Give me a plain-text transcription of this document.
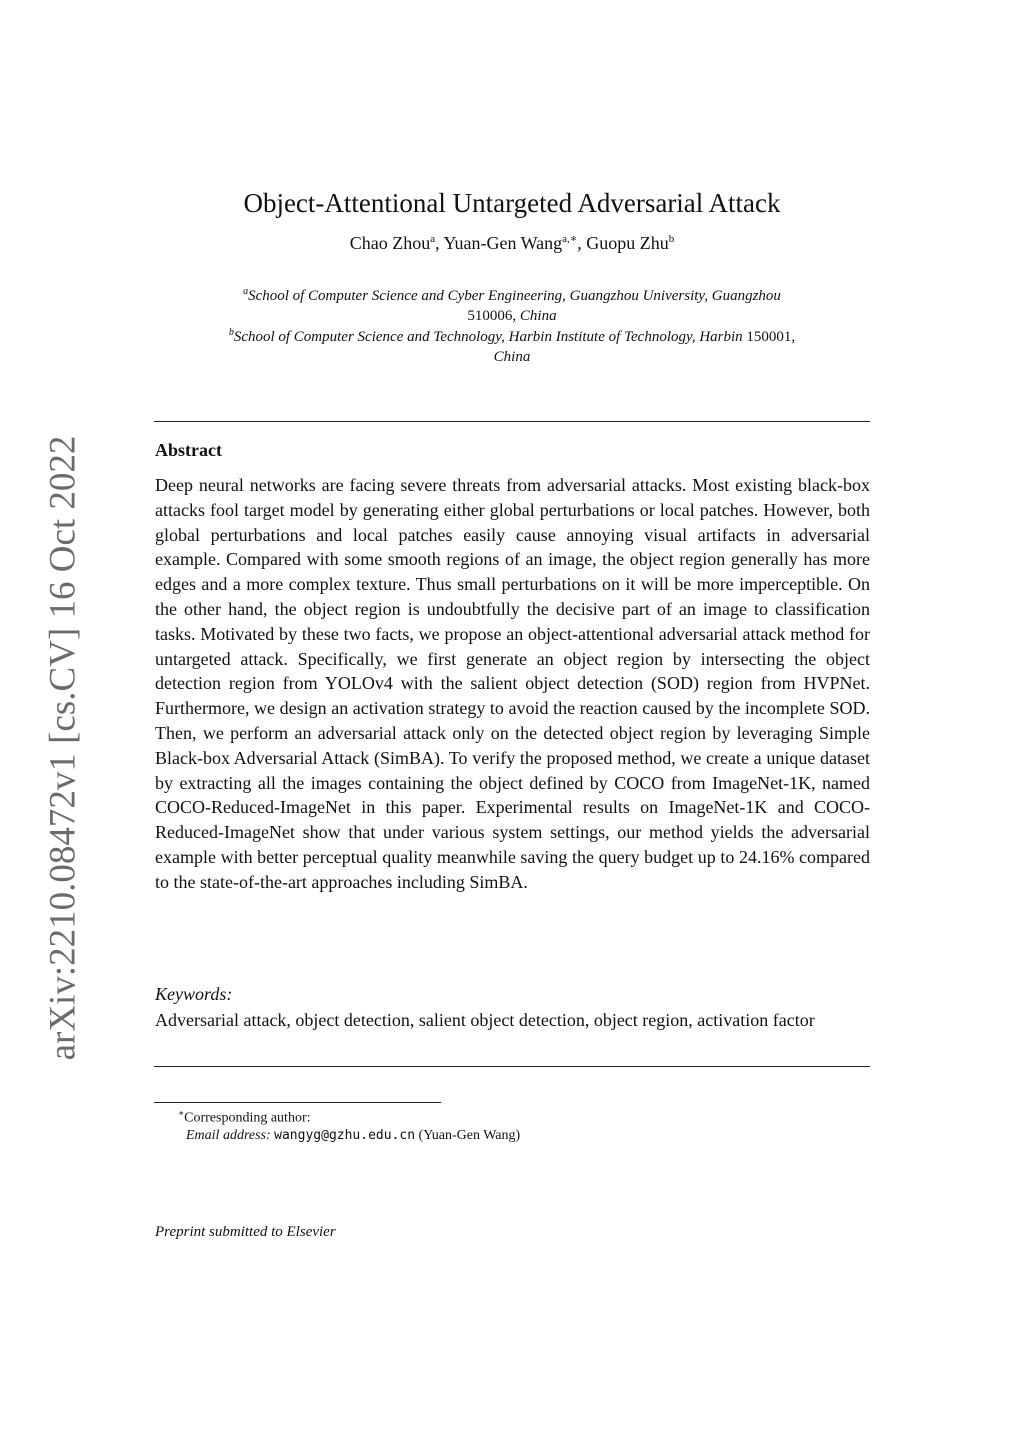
arXiv:2210.08472v1 [cs.CV] 16 Oct 2022
Object-Attentional Untargeted Adversarial Attack
Chao Zhou$^a$, Yuan-Gen Wang$^{a,∗}$, Guopu Zhu$^b$
$^a$School of Computer Science and Cyber Engineering, Guangzhou University, Guangzhou
510006, China
$^b$School of Computer Science and Technology, Harbin Institute of Technology, Harbin 150001,
China
Abstract

Deep neural networks are facing severe threats from adversarial attacks. Most existing black-box attacks fool target model by generating either global perturbations or local patches. However, both global perturbations and local patches easily cause annoying visual artifacts in adversarial example. Compared with some smooth regions of an image, the object region generally has more edges and a more complex texture. Thus small perturbations on it will be more imperceptible. On the other hand, the object region is undoubtfully the decisive part of an image to classification tasks. Motivated by these two facts, we propose an object-attentional adversarial attack method for untargeted attack. Specifically, we first generate an object region by intersecting the object detection region from YOLOv4 with the salient object detection (SOD) region from HVPNet. Furthermore, we design an activation strategy to avoid the reaction caused by the incomplete SOD. Then, we perform an adversarial attack only on the detected object region by leveraging Simple Black-box Adversarial Attack (SimBA). To verify the proposed method, we create a unique dataset by extracting all the images containing the object defined by COCO from ImageNet-1K, named COCO-Reduced-ImageNet in this paper. Experimental results on ImageNet-1K and COCO-Reduced-ImageNet show that under various system settings, our method yields the adversarial example with better perceptual quality meanwhile saving the query budget up to 24.16% compared to the state-of-the-art approaches including SimBA.

Keywords:
Adversarial attack, object detection, salient object detection, object region, activation factor
∗Corresponding author:
Email address: wangyg@gzhu.edu.cn (Yuan-Gen Wang)
Preprint submitted to Elsevier
